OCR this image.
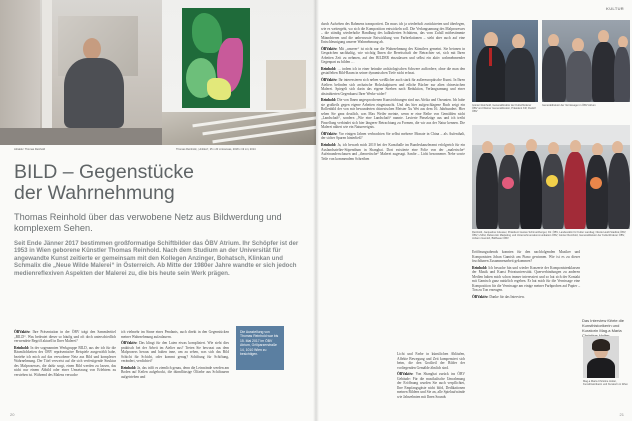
Attraktiv: Thomas Reinhold	Thomas Reinhold, „Untitled“, 25 x 20 cm/canvas, 2018 x 19 cm; 2014
BILD – Gegenstücke
der Wahrnehmung
Thomas Reinhold über das verwobene Netz aus Bildwerdung und komplexem Sehen.
Seit Ende Jänner 2017 bestimmen großformatige Schiftbilder das ÖBV Atrium. Ihr Schöpfer ist der 1953 in Wien geborene Künstler Thomas Reinhold. Nach dem Studium an der Universität für angewandte Kunst zeitierte er gemeinsam mit den Kollegen Anzinger, Bohatsch, Klinkan und Schmalix die „Neue Wilde Malerei“ in Österreich. Ab Mitte der 1980er Jahre wandte er sich jedoch medienreflexiven Aspekten der Malerei zu, die bis heute sein Werk prägen.

ÖBVaktiv: Ihre Präsentation in der ÖBV trägt den Sammlertitel „BILD“. Was bedeutet dieser so häufig und oft doch unterschiedlich verwendete Begriff aktuell in Ihrer Malerei?

Reinhold: In der sogenannten Werkgruppe BILD, aus der ich für die Räumlichkeiten des ÖBV repräsentative Beispiele ausgewählt habe, beziehe ich mich auf das verwobene Netz aus Bild und komplexer Wahrnehmung. Der Titel verweist auf die sich verfestigende Struktur des Malprozesses, die dafür sorgt, einen Bild werden zu lassen, das nicht nur einem Abbild oder einer Umsetzung von Erlebtem zu verstehen ist. Während des Malens versuche

ich vielmehr im Sinne eines Pendants, auch direkt in den Gegenstücken meiner Wahrnehmung aufzulauern.

ÖBVaktiv: Das klingt für den Laien etwas kompliziert. Wie sieht dies praktisch bei der Arbeit im Atelier aus? Treten Sie bewusst aus dem Malprozess heraus und halten inne, um zu sehen, was sich das Bild Schicht für Schicht, oder kommt genug? Schiftung für Schiftung, verändert, verdichtet?

Reinhold: Ja, das trifft es ziemlich genau, denn die Leinwände werden am Boden auf Keilen aufgebockt, die dünnflüssige Ölfarbe aus Schiftauern aufgetrieben und

Die Ausstellung von Thomas Reinhold war bis 15. Mai 2017 im ÖBV Atrium, Grillparzerstraße 14, 1010 Wien zu besichtigen.
20
KULTUR

durch Aufsehen des Rahmens transportiert. Da muss ich ja wiederholt zurücktreten und überlegen, wie es weitergeht, wo sich die Komposition entwickeln soll. Die Verlangsamung des Malprozesses – die ständig wiederholte Handlung des kalkulierten Schüttens, das vom Zufall mitbestimmte Mäandrieren und die unbewusste Entwicklung von Farbrelationen – steht aber auch auf eine Entschleunigung unserer Wahrnehmung ab.

ÖBVaktiv: Mit „unserer“ ist nicht nur die Wahrnehmung des Künstlers gemeint. Sie betonen in Gesprächen nachhaltig, wie wichtig Ihnen die Bereitschaft der Betrachter sei, sich mit Ihren Arbeiten Zeit zu nehmen, auf den BILDER einzulassen und selbst ein aktiv wahrnehmender Gegenpart zu bilden …

Reinhold: … indem ich in einer beinahe archäologischen Schwere auffordere, ohne die man den gestaffelten Bild-Raum in seiner dynamischen Tiefe nicht erfasst.

ÖBVaktiv: Ihr interessieren sich neben weißlicher auch stark für außereuropäische Kunst. In Ihren Ateliers befinden sich archaische Holzskulpturen und etliche Bücher zur alten chinesischen Malerei. Spiegelt sich darin das eigene Streben nach Reduktion, Verlangsamung und einer abstrahierten Gegenkunst Ihrer Werke wider?

Reinhold: Die von Ihnen angesprochenen Kunstrichtungen sind aus Afrika und Ozeanien. Ich habe sie großteils gegen eigene Arbeiten eingetauscht. Und das hier aufgeschlagene Buch zeigt ein Rollenbild der von mir bewunderten chinesischen Meister Xu Wei aus dem 16. Jahrhundert. Hier sehen Sie ganz deutlich, was Max Weiler meinte, wenn er eine Reihe von Gemälden nicht „Landschaft“, sondern „Wie eine Landschaft“ nannte. Lavierte Pinselzüge aus und ich treibt Pinselfang verbindet sich hier längerer Betrachtung zu Formen, die wir aus der Natur kennen. Die Malerei nähert wie ein Naturereignis.

ÖBVaktiv: Vor einigen Jahren verbrachten Sie selbst mehrere Monate in China – als Aufenthalt, der sicher Spuren hinterließ?

Reinhold: Ja, ich bewarb mich 2010 bei der Kunsthalle im Bundeskanzleramt erfolgreich für ein Auslandsatelier-Stipendium in Shanghai. Dort existierte eine Folie von der „malerische“ Aufeinanderschauen und „theoretische“ Malerei zugesagt. Sanfte – Licht besonnener. Nebe sowie Teile von kommendem Schreiben

Licht und Farbe in künstlichen Abläufen, Affekte Bewegung und Zeit kompensiert sich beim, die den Großteil der Bilder der vorliegenden Gemälde ähnlich sind.

ÖBVaktiv: Von Shanghai zurück ins ÖBV Gebäude: Für die musikalische Umrahmung der Eröffnung wurden Sie auch verpflichtet, Ihre Empfangsgäste nicht blöd, Dedikationen meinen Bildern und Sie an, alle Spielaufwände wie Jahrzehnten mit Ihren Sounds

Günter Reinhold, Generaldirektor der Kulturförderer ÖBV und Weiner Generaldirektor, Präsident KR; Rudolf ÖBV
Generaldirektor der Vernissage im ÖBV Atrium
Reinhold, Jacqueline Griesser, Präsident Gustav Schimetzberger, Dir. ÖBV, Landesrätin für Kultur Landtag; Nicole Heidt Stadtrat ÖBV, ÖBV, LSDH, Referentin Marketing und Unternehmenskommunikation ÖBV, Günter Reinhold, Generaldirektor der Kulturförderer ÖBV, Johann Gamish, Bildhauer ÖBV

Eröffnungsabends konnten für den nachfolgenden Musiker und Komponisten Johan Gamish am Piano gewinnen. Wie ist es zu dieser fruchtbaren Zusammenarbeit gekommen?

Reinhold: Ich besuche hin und wieder Konzerte der Komponistenklassen der Musik und Kunst Privatuniversität. Querverbindungen zu anderen Medien haben mich schon immer interessiert und so hat sich der Kontakt mit Gamisch ganz natürlich ergeben. Er hat mich für die Vernissage eine Komposition für die Vernissage am einige meiner Farbproben auf Papier – Ton zu Ton erzeugen.

ÖBVaktiv: Danke für das Interview.

21
Das Interview führte die Kunsthistorikerin und Kuratorin Mag.a Maria
Mag.a Maria Christine Holter, Kunsthistorikerin und Kuratorin in Wien
